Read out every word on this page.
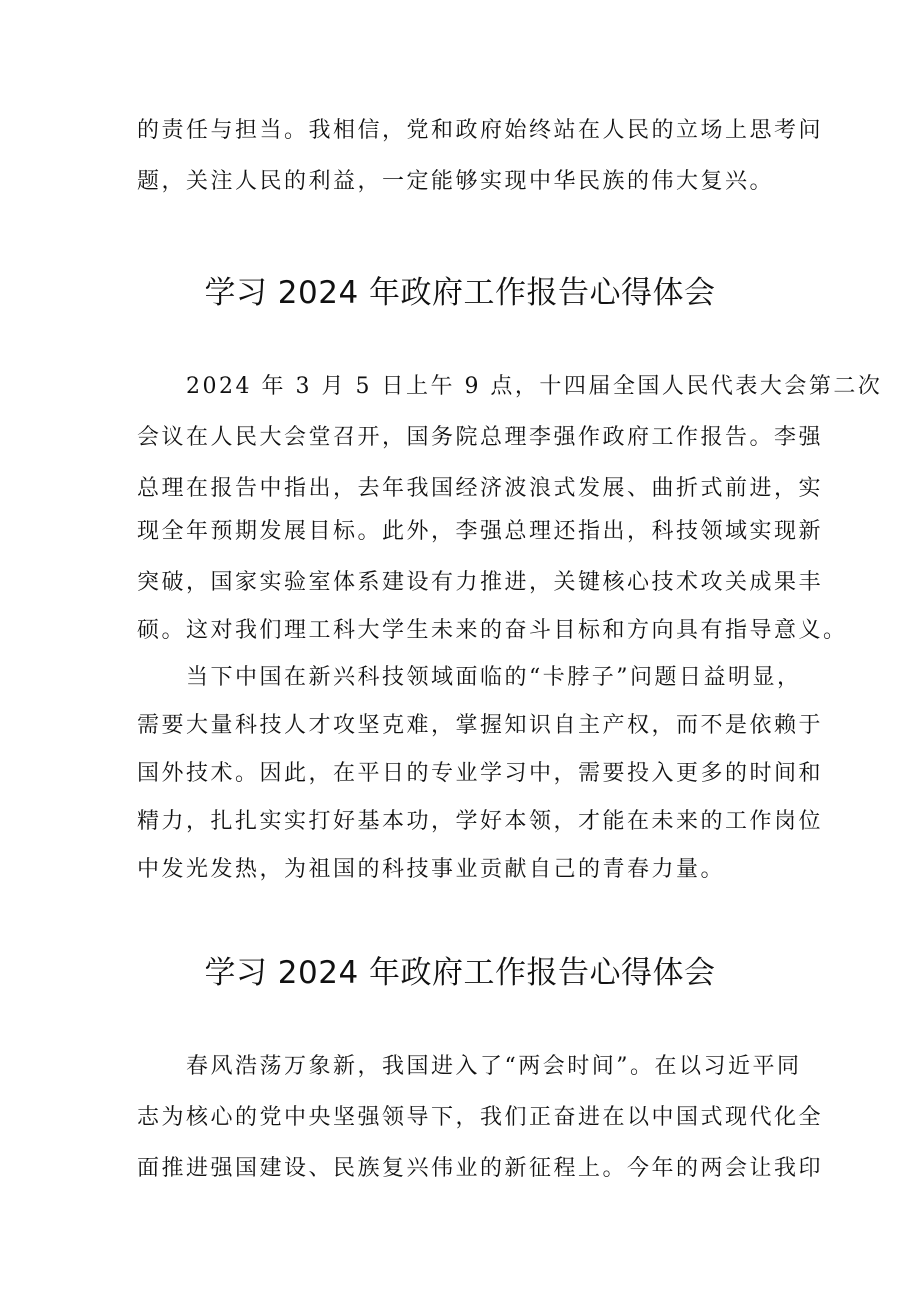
的责任与担当。我相信，党和政府始终站在人民的立场上思考问
题，关注人民的利益，一定能够实现中华民族的伟大复兴。
学习 2024 年政府工作报告心得体会
2024 年 3 月 5 日上午 9 点，十四届全国人民代表大会第二次
会议在人民大会堂召开，国务院总理李强作政府工作报告。李强
总理在报告中指出，去年我国经济波浪式发展、曲折式前进，实
现全年预期发展目标。此外，李强总理还指出，科技领域实现新
突破，国家实验室体系建设有力推进，关键核心技术攻关成果丰
硕。这对我们理工科大学生未来的奋斗目标和方向具有指导意义。
当下中国在新兴科技领域面临的“卡脖子”问题日益明显，
需要大量科技人才攻坚克难，掌握知识自主产权，而不是依赖于
国外技术。因此，在平日的专业学习中，需要投入更多的时间和
精力，扎扎实实打好基本功，学好本领，才能在未来的工作岗位
中发光发热，为祖国的科技事业贡献自己的青春力量。
学习 2024 年政府工作报告心得体会
春风浩荡万象新，我国进入了“两会时间”。在以习近平同
志为核心的党中央坚强领导下，我们正奋进在以中国式现代化全
面推进强国建设、民族复兴伟业的新征程上。今年的两会让我印
